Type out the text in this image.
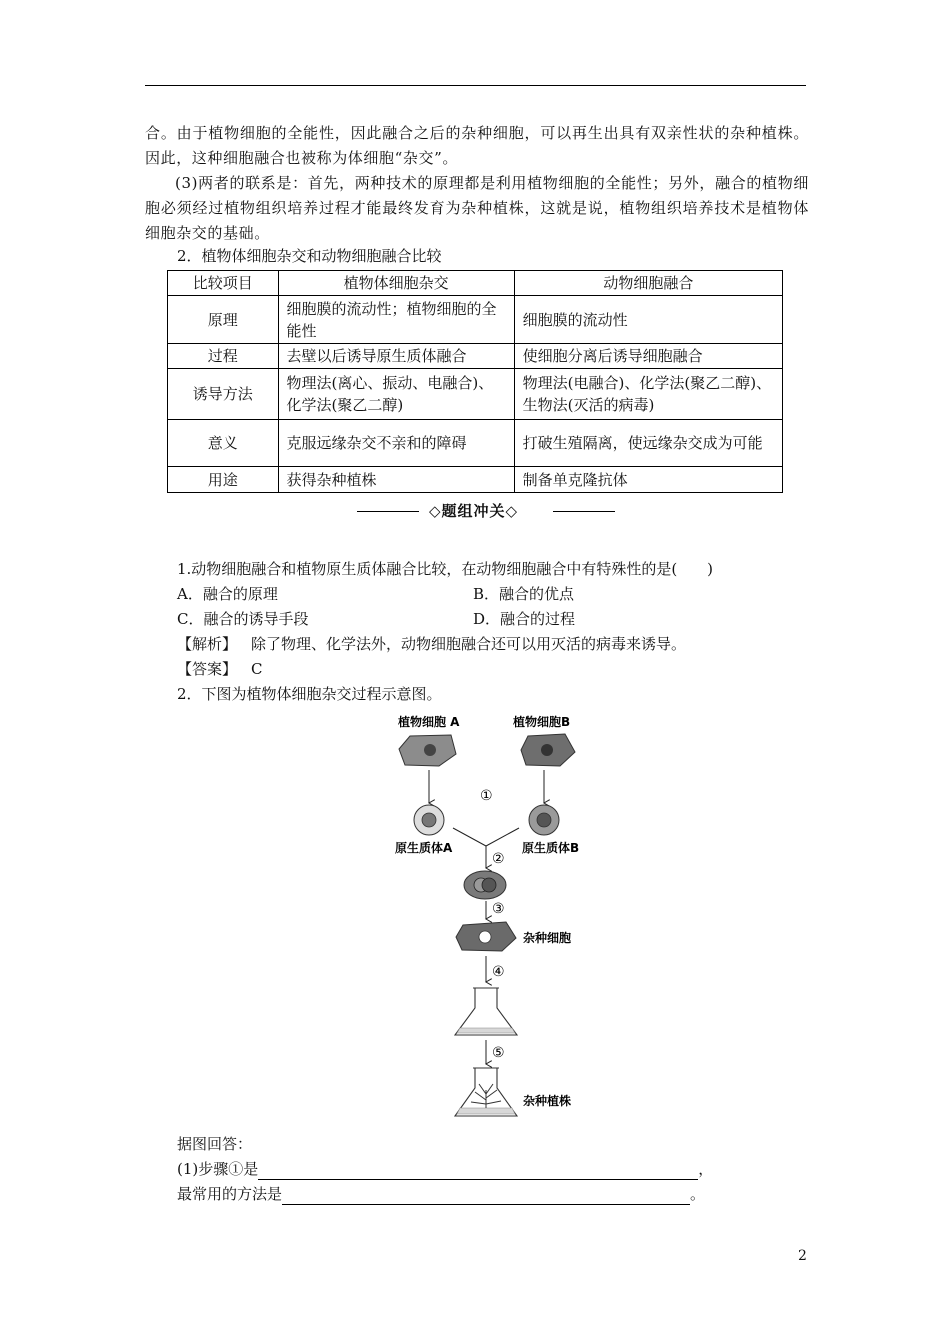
合。由于植物细胞的全能性，因此融合之后的杂种细胞，可以再生出具有双亲性状的杂种植株。因此，这种细胞融合也被称为体细胞“杂交”。

(3)两者的联系是：首先，两种技术的原理都是利用植物细胞的全能性；另外，融合的植物细胞必须经过植物组织培养过程才能最终发育为杂种植株，这就是说，植物组织培养技术是植物体细胞杂交的基础。

2．植物体细胞杂交和动物细胞融合比较
比较项目	植物体细胞杂交	动物细胞融合
原理	细胞膜的流动性；植物细胞的全能性	细胞膜的流动性
过程	去壁以后诱导原生质体融合	使细胞分离后诱导细胞融合
诱导方法	物理法(离心、振动、电融合)、化学法(聚乙二醇)	物理法(电融合)、化学法(聚乙二醇)、生物法(灭活的病毒)
意义	克服远缘杂交不亲和的障碍	打破生殖隔离，使远缘杂交成为可能
用途	获得杂种植株	制备单克隆抗体
◇题组冲关◇
1.动物细胞融合和植物原生质体融合比较，在动物细胞融合中有特殊性的是(　　)
A．融合的原理	B．融合的优点
C．融合的诱导手段	D．融合的过程
【解析】 除了物理、化学法外，动物细胞融合还可以用灭活的病毒来诱导。
【答案】 C
2．下图为植物体细胞杂交过程示意图。
植物细胞 A	植物细胞B
①
原生质体A	原生质体B
②
③
杂种细胞
④
⑤
杂种植株
据图回答：
(1)步骤①是	，
最常用的方法是	。
2
